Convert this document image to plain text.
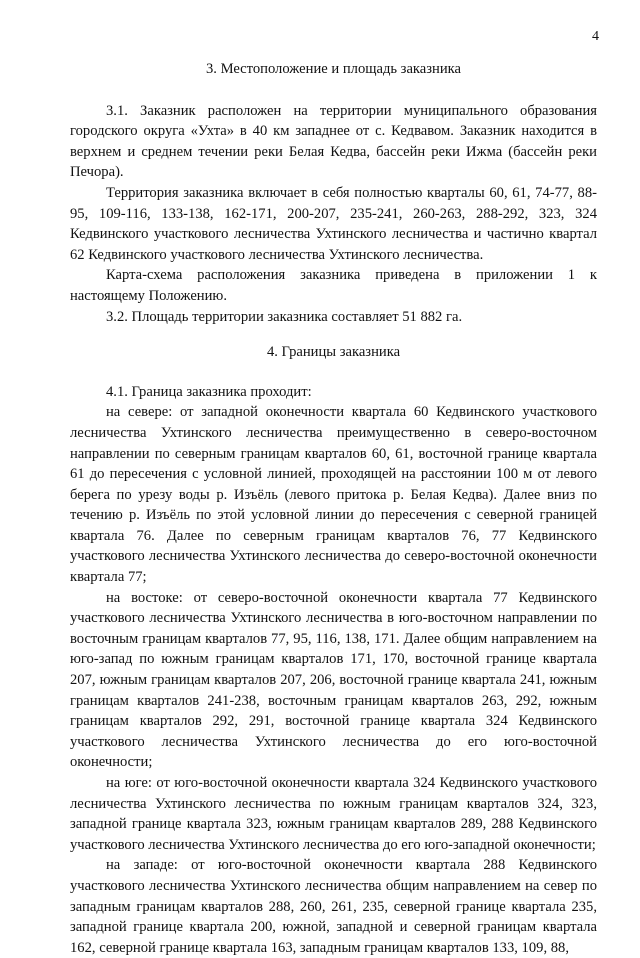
4
3. Местоположение и площадь заказника

3.1. Заказник расположен на территории муниципального образования городского округа «Ухта» в 40 км западнее от с. Кедвавом. Заказник находится в верхнем и среднем течении реки Белая Кедва, бассейн реки Ижма (бассейн реки Печора).

Территория заказника включает в себя полностью кварталы 60, 61, 74-77, 88-95, 109-116, 133-138, 162-171, 200-207, 235-241, 260-263, 288-292, 323, 324 Кедвинского участкового лесничества Ухтинского лесничества и частично квартал 62 Кедвинского участкового лесничества Ухтинского лесничества.

Карта-схема расположения заказника приведена в приложении 1 к настоящему Положению.

3.2. Площадь территории заказника составляет 51 882 га.

4. Границы заказника

4.1. Граница заказника проходит:

на севере: от западной оконечности квартала 60 Кедвинского участкового лесничества Ухтинского лесничества преимущественно в северо-восточном направлении по северным границам кварталов 60, 61, восточной границе квартала 61 до пересечения с условной линией, проходящей на расстоянии 100 м от левого берега по урезу воды р. Изъёль (левого притока р. Белая Кедва). Далее вниз по течению р. Изъёль по этой условной линии до пересечения с северной границей квартала 76. Далее по северным границам кварталов 76, 77 Кедвинского участкового лесничества Ухтинского лесничества до северо-восточной оконечности квартала 77;

на востоке: от северо-восточной оконечности квартала 77 Кедвинского участкового лесничества Ухтинского лесничества в юго-восточном направлении по восточным границам кварталов 77, 95, 116, 138, 171. Далее общим направлением на юго-запад по южным границам кварталов 171, 170, восточной границе квартала 207, южным границам кварталов 207, 206, восточной границе квартала 241, южным границам кварталов 241-238, восточным границам кварталов 263, 292, южным границам кварталов 292, 291, восточной границе квартала 324 Кедвинского участкового лесничества Ухтинского лесничества до его юго-восточной оконечности;

на юге: от юго-восточной оконечности квартала 324 Кедвинского участкового лесничества Ухтинского лесничества по южным границам кварталов 324, 323, западной границе квартала 323, южным границам кварталов 289, 288 Кедвинского участкового лесничества Ухтинского лесничества до его юго-западной оконечности;

на западе: от юго-восточной оконечности квартала 288 Кедвинского участкового лесничества Ухтинского лесничества общим направлением на север по западным границам кварталов 288, 260, 261, 235, северной границе квартала 235, западной границе квартала 200, южной, западной и северной границам квартала 162, северной границе квартала 163, западным границам кварталов 133, 109, 88,
